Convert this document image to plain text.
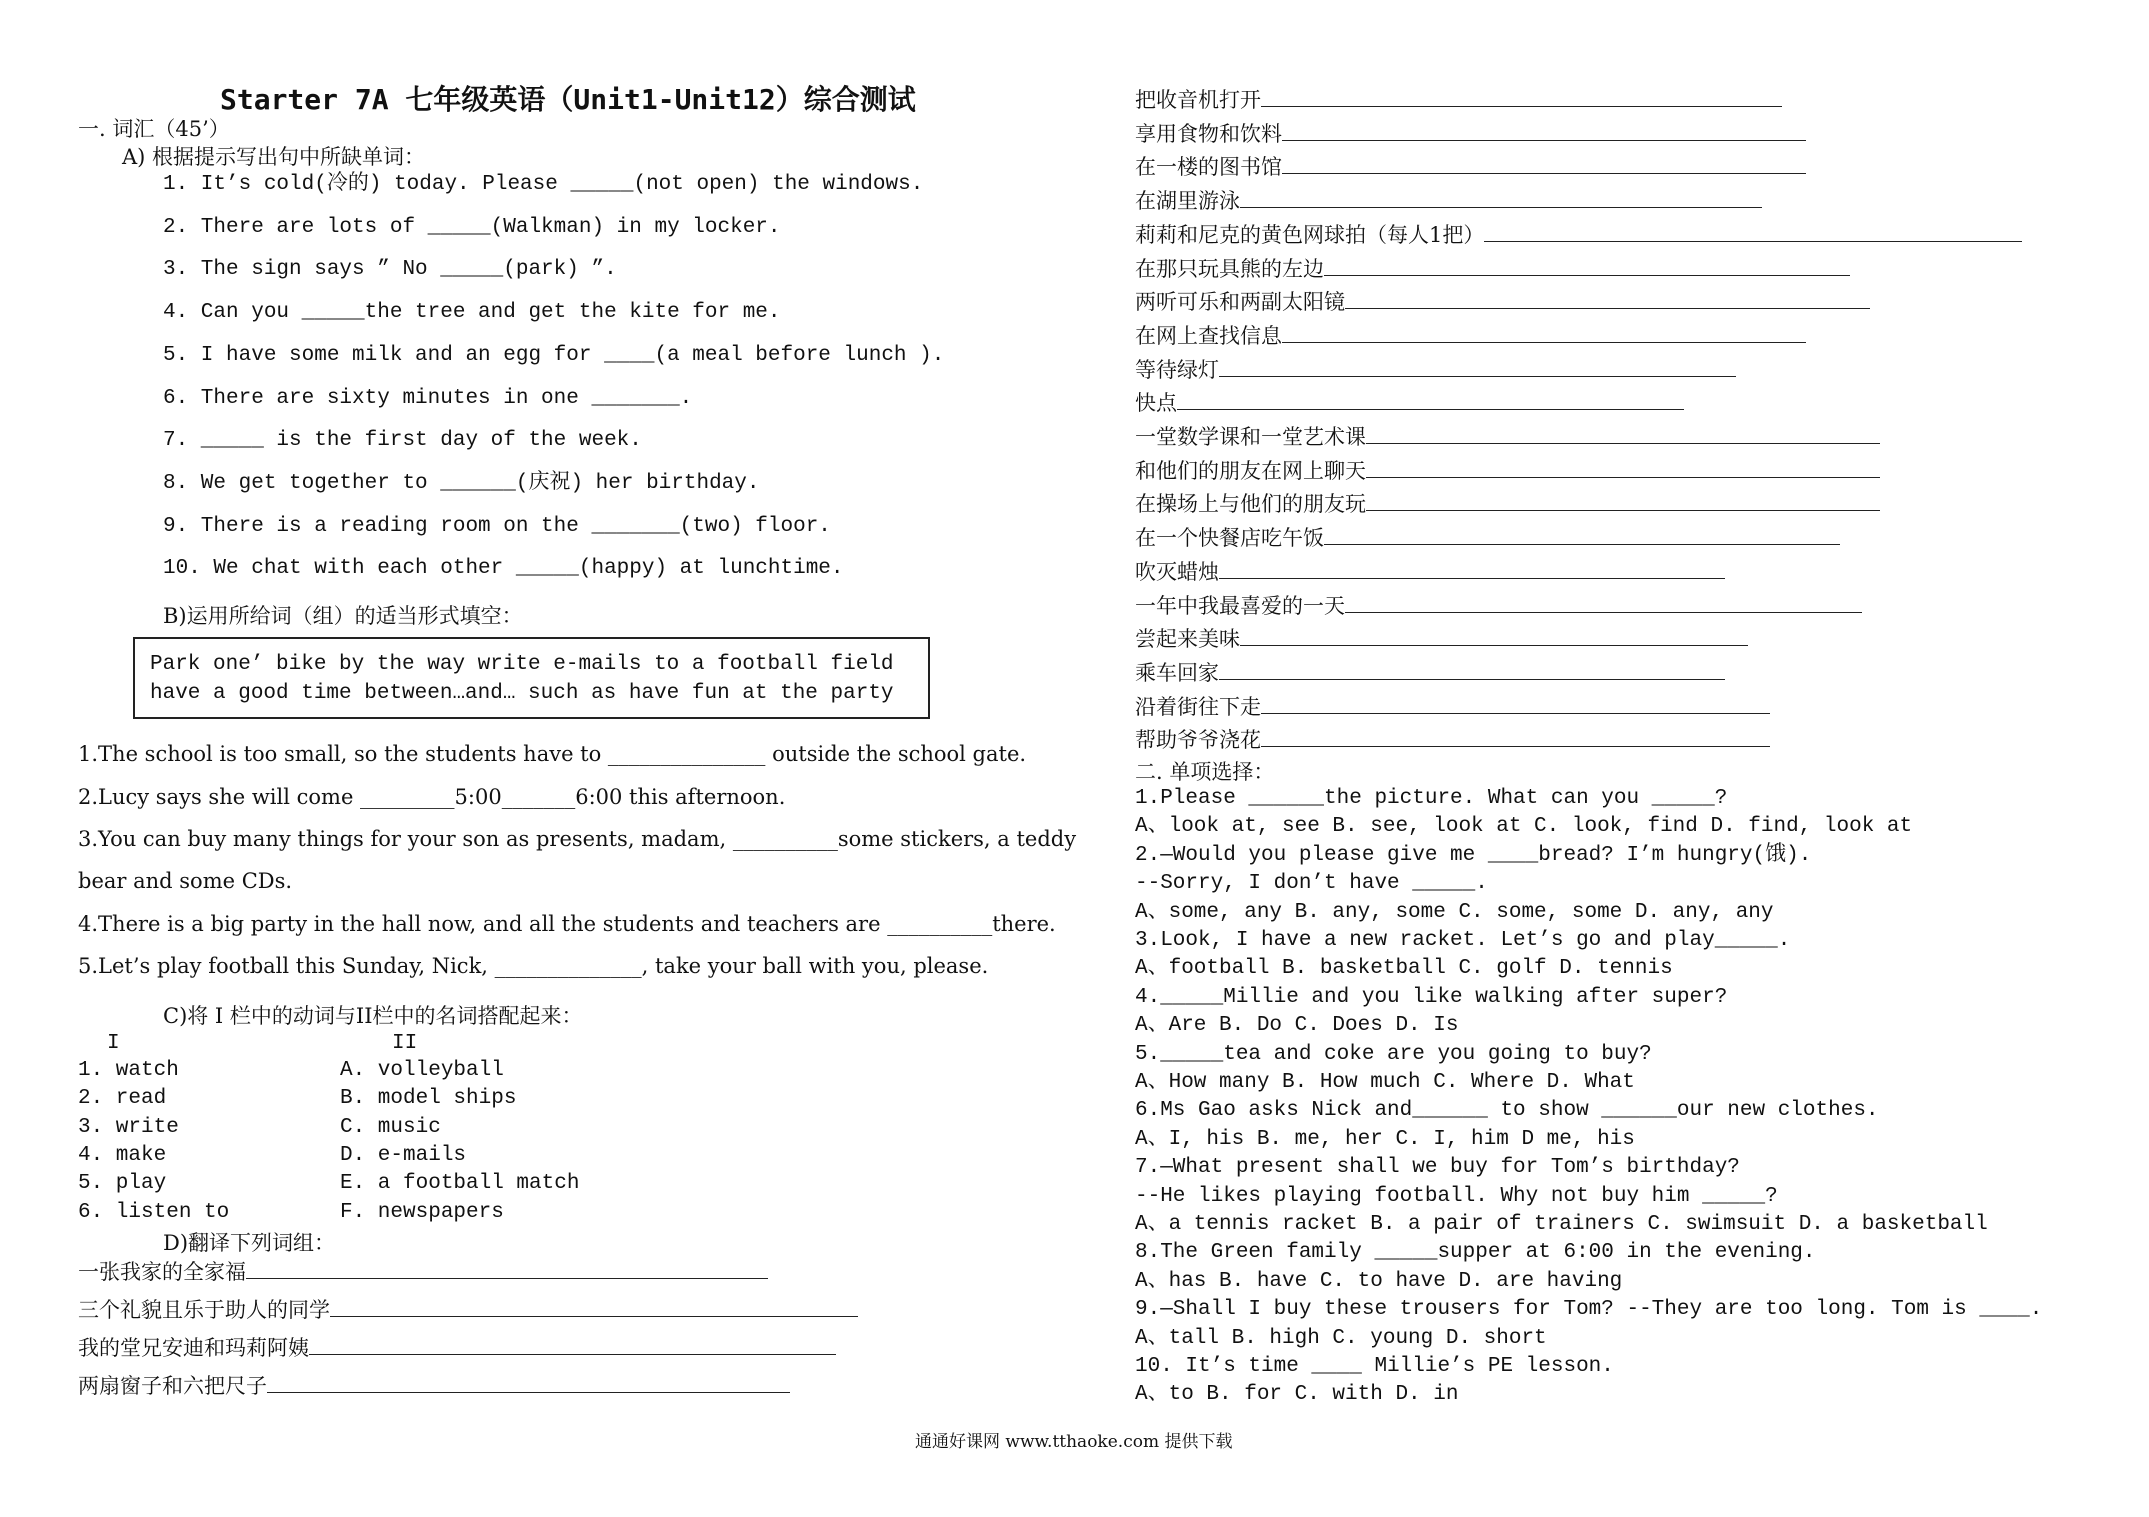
Starter 7A 七年级英语（Unit1-Unit12）综合测试
一. 词汇（45’）
A) 根据提示写出句中所缺单词：
1. It’s cold(冷的) today. Please _____(not open) the windows.
2. There are lots of _____(Walkman) in my locker.
3. The sign says ” No _____(park) ”.
4. Can you _____the tree and get the kite for me.
5. I have some milk and an egg for ____(a meal before lunch ).
6. There are sixty minutes in one _______.
7. _____ is the first day of the week.
8. We get together to ______(庆祝) her birthday.
9. There is a reading room on the _______(two) floor.
10. We chat with each other _____(happy) at lunchtime.
B)运用所给词（组）的适当形式填空：
Park one’ bike by the way write e-mails to a football field
have a good time between…and… such as have fun at the party
1.The school is too small, so the students have to _______________ outside the school gate.
2.Lucy says she will come _________5:00_______6:00 this afternoon.
3.You can buy many things for your son as presents, madam, __________some stickers, a teddy
bear and some CDs.
4.There is a big party in the hall now, and all the students and teachers are __________there.
5.Let’s play football this Sunday, Nick, ______________, take your ball with you, please.
C)将 I 栏中的动词与II栏中的名词搭配起来：
I	II
1. watch
2. read
3. write
4. make
5. play
6. listen to
A. volleyball
B. model ships
C. music
D. e-mails
E. a football match
F. newspapers
D)翻译下列词组：
一张我家的全家福
三个礼貌且乐于助人的同学
我的堂兄安迪和玛莉阿姨
两扇窗子和六把尺子
把收音机打开
享用食物和饮料
在一楼的图书馆
在湖里游泳
莉莉和尼克的黄色网球拍（每人1把）
在那只玩具熊的左边
两听可乐和两副太阳镜
在网上查找信息
等待绿灯
快点
一堂数学课和一堂艺术课
和他们的朋友在网上聊天
在操场上与他们的朋友玩
在一个快餐店吃午饭
吹灭蜡烛
一年中我最喜爱的一天
尝起来美味
乘车回家
沿着街往下走
帮助爷爷浇花
二. 单项选择：
1.Please ______the picture. What can you _____?
A、look at, see B. see, look at C. look, find D. find, look at
2.—Would you please give me ____bread? I’m hungry(饿).
--Sorry, I don’t have _____.
A、some, any B. any, some C. some, some D. any, any
3.Look, I have a new racket. Let’s go and play_____.
A、football B. basketball C. golf D. tennis
4._____Millie and you like walking after super?
A、Are B. Do C. Does D. Is
5._____tea and coke are you going to buy?
A、How many B. How much C. Where D. What
6.Ms Gao asks Nick and______ to show ______our new clothes.
A、I, his B. me, her C. I, him D me, his
7.—What present shall we buy for Tom’s birthday?
--He likes playing football. Why not buy him _____?
A、a tennis racket B. a pair of trainers C. swimsuit D. a basketball
8.The Green family _____supper at 6:00 in the evening.
A、has B. have C. to have D. are having
9.—Shall I buy these trousers for Tom? --They are too long. Tom is ____.
A、tall B. high C. young D. short
10. It’s time ____ Millie’s PE lesson.
A、to B. for C. with D. in
通通好课网 www.tthaoke.com 提供下载
